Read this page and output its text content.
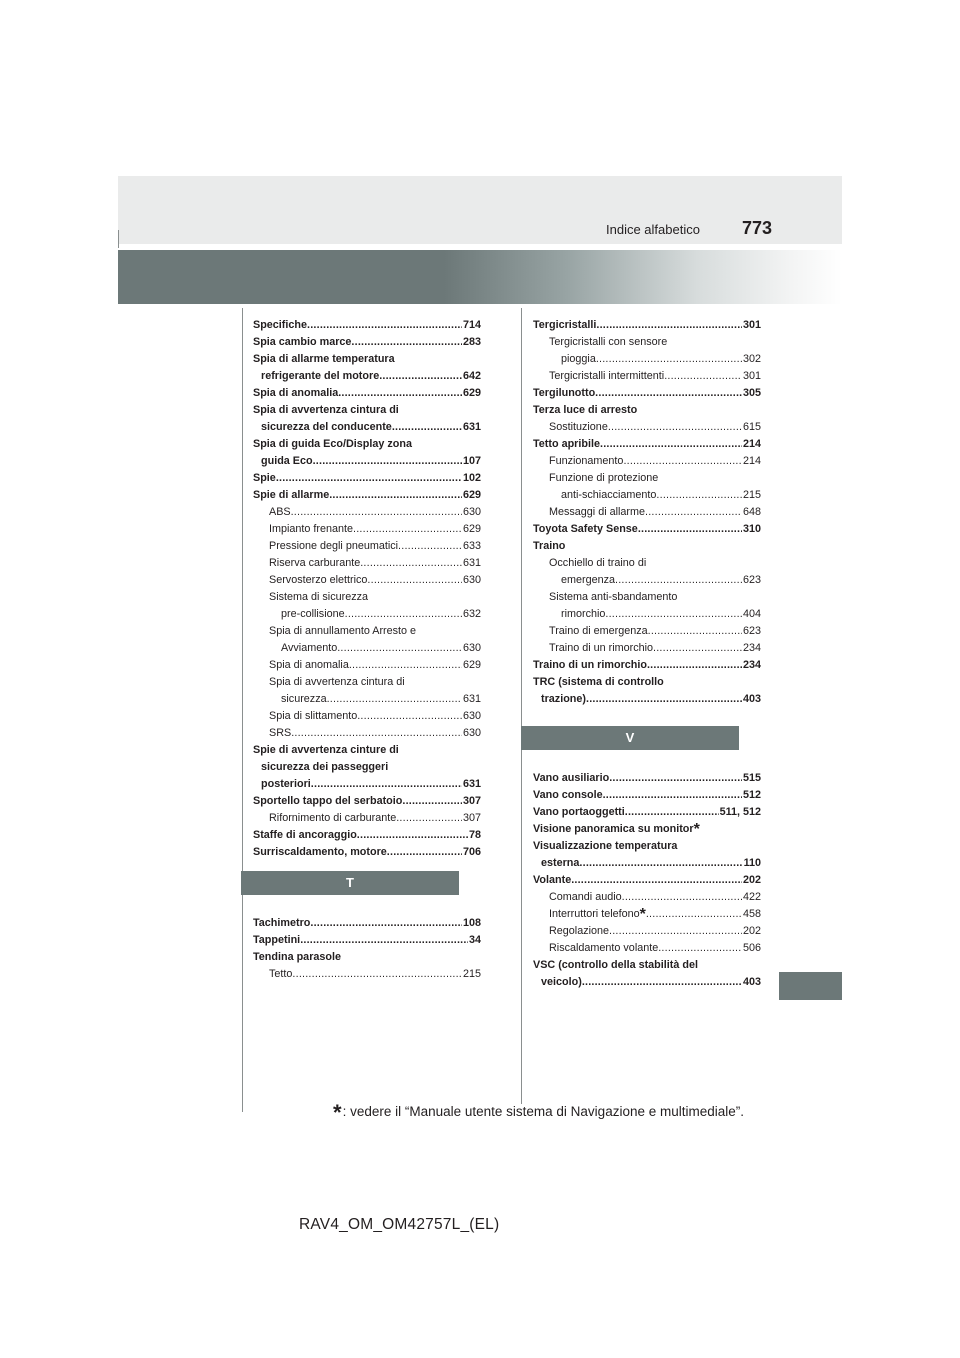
773
Indice alfabetico
Specifiche .....	714
Spia cambio marce .....	283
Spia di allarme temperatura
refrigerante del motore .....	642
Spia di anomalia .....	629
Spia di avvertenza cintura di
sicurezza del conducente .....	631
Spia di guida Eco/Display zona
guida Eco .....	107
Spie .....	102
Spie di allarme .....	629
ABS .....	630
Impianto frenante .....	629
Pressione degli pneumatici .....	633
Riserva carburante .....	631
Servosterzo elettrico .....	630
Sistema di sicurezza
pre-collisione .....	632
Spia di annullamento Arresto e
Avviamento .....	630
Spia di anomalia .....	629
Spia di avvertenza cintura di
sicurezza .....	631
Spia di slittamento .....	630
SRS .....	630
Spie di avvertenza cinture di
sicurezza dei passeggeri
posteriori .....	631
Sportello tappo del serbatoio .....	307
Rifornimento di carburante .....	307
Staffe di ancoraggio .....	78
Surriscaldamento, motore .....	706
T
Tachimetro .....	108
Tappetini .....	34
Tendina parasole
Tetto .....	215
Tergicristalli .....	301
Tergicristalli con sensore
pioggia .....	302
Tergicristalli intermittenti .....	301
Tergilunotto .....	305
Terza luce di arresto
Sostituzione .....	615
Tetto apribile .....	214
Funzionamento .....	214
Funzione di protezione
anti-schiacciamento .....	215
Messaggi di allarme .....	648
Toyota Safety Sense .....	310
Traino
Occhiello di traino di
emergenza .....	623
Sistema anti-sbandamento
rimorchio .....	404
Traino di emergenza .....	623
Traino di un rimorchio .....	234
Traino di un rimorchio .....	234
TRC (sistema di controllo
trazione) .....	403
V
Vano ausiliario .....	515
Vano console .....	512
Vano portaoggetti .....	511, 512
Visione panoramica su monitor *
Visualizzazione temperatura
esterna .....	110
Volante .....	202
Comandi audio .....	422
Interruttori telefono * .....	458
Regolazione .....	202
Riscaldamento volante .....	506
VSC (controllo della stabilità del
veicolo) .....	403
*: vedere il “Manuale utente sistema di Navigazione e multimediale”.
RAV4_OM_OM42757L_(EL)
